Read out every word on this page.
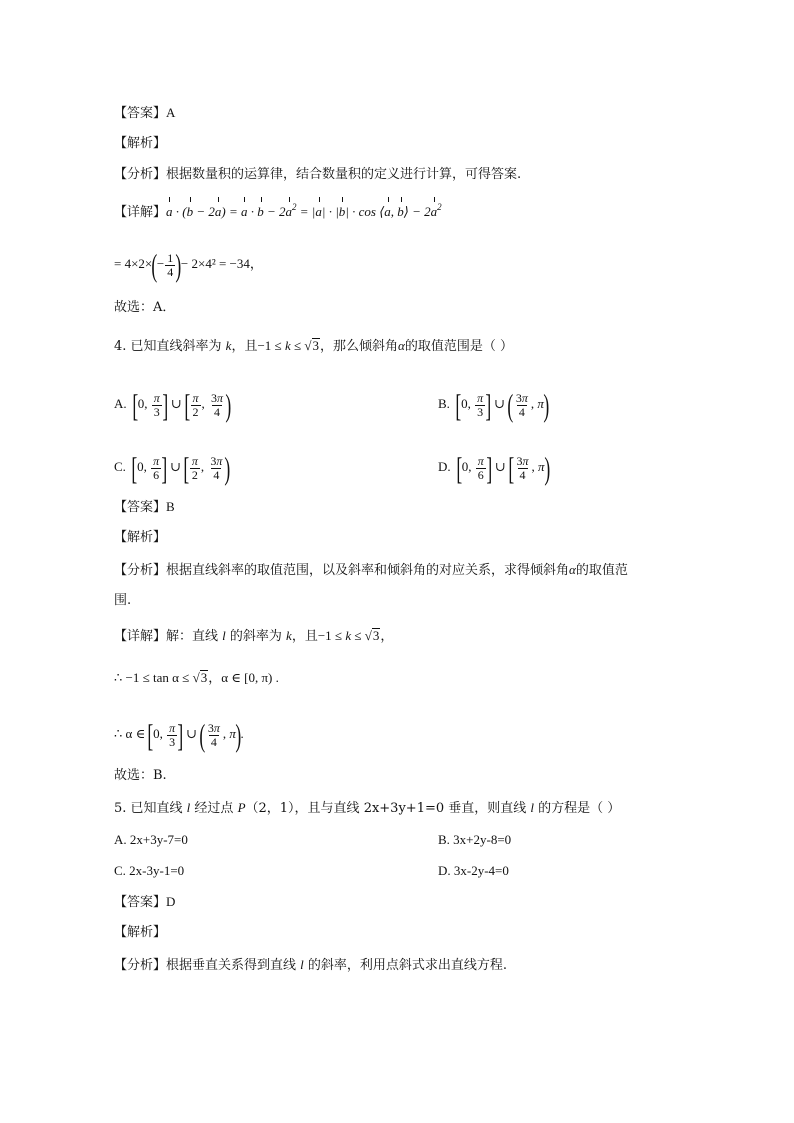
【答案】A
【解析】
【分析】根据数量积的运算律，结合数量积的定义进行计算，可得答案.
【详解】$a \cdot (b - 2a) = a \cdot b - 2a^2 = |a| \cdot |b| \cdot \cos$ ⟨a, b⟩ − $2a^2$
= $4\times 2\times(- \frac{1}{4}$ )− 2×4² = −34，
故选：A．
4. 已知直线斜率为 k，且−1 ≤ k ≤ √3，那么倾斜角α的取值范围是（ ）
A. [0, $\frac{\pi}{3}$ ] ∪ [ $\frac{\pi}{2}$ , $\frac{3\pi}{4}$ )	B. [0, $\frac{\pi}{3}$ ] ∪ ( $\frac{3\pi}{4}$ , π)
C. [0, $\frac{\pi}{6}$ ] ∪ [ $\frac{\pi}{2}$ , $\frac{3\pi}{4}$ )	D. [0, $\frac{\pi}{6}$ ] ∪ [ $\frac{3\pi}{4}$ , π)
【答案】B
【解析】
【分析】根据直线斜率的取值范围，以及斜率和倾斜角的对应关系，求得倾斜角α的取值范
围.
【详解】解：直线 l 的斜率为 k，且−1 ≤ k ≤ √3，
∴ −1 ≤ tan α ≤ √3，α ∈ [0, π) .
∴ α ∈ [0, $\frac{\pi}{3}$ ] ∪ ( $\frac{3\pi}{4}$ , π).
故选：B.
5. 已知直线 l 经过点 P（2，1），且与直线 2x+3y+1=0 垂直，则直线 l 的方程是（ ）
A. 2x+3y-7=0	B. 3x+2y-8=0
C. 2x-3y-1=0	D. 3x-2y-4=0
【答案】D
【解析】
【分析】根据垂直关系得到直线 l 的斜率，利用点斜式求出直线方程.
